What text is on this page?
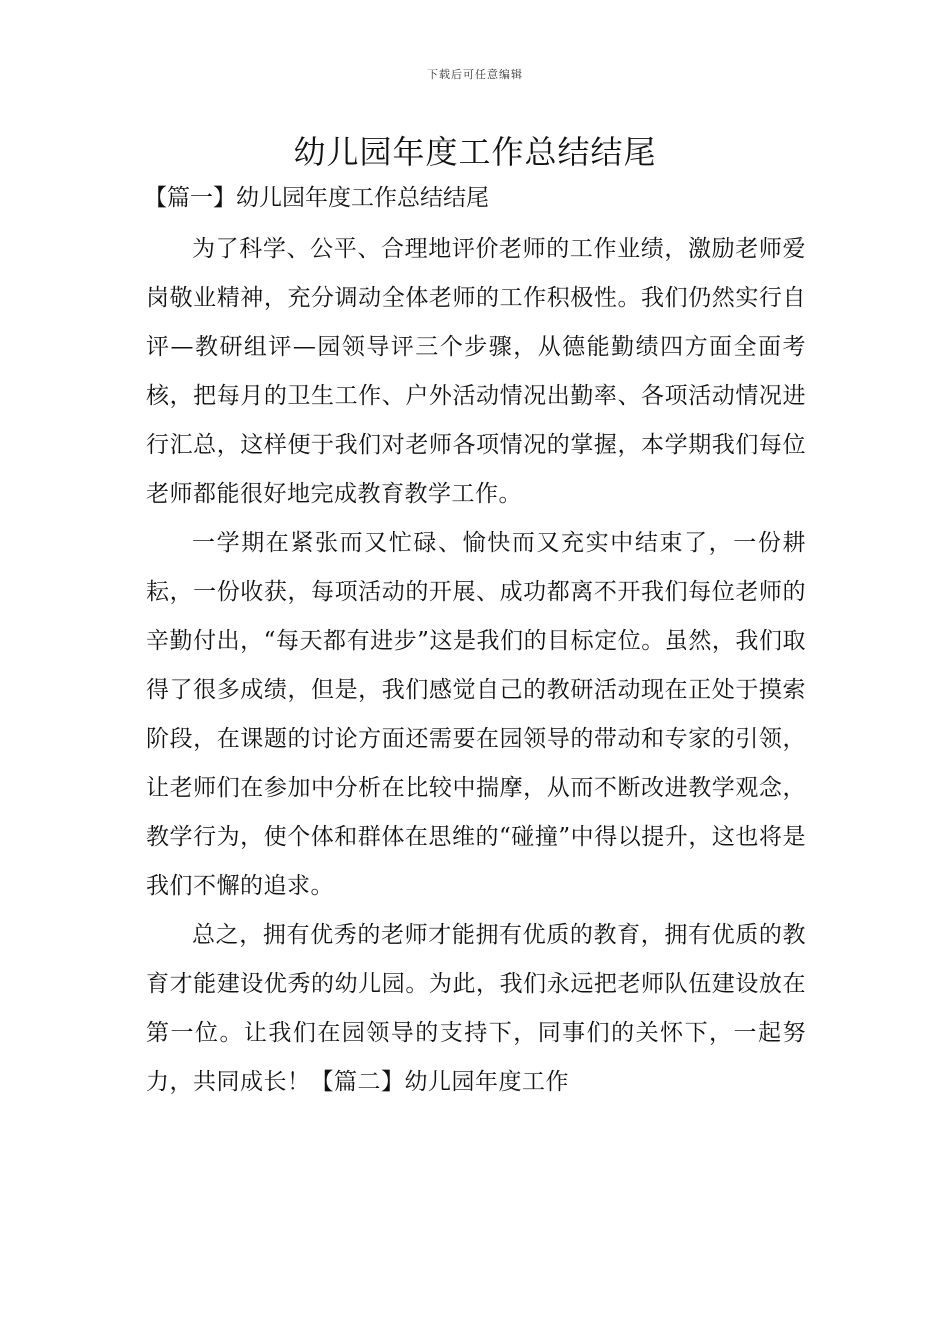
下载后可任意编辑
幼儿园年度工作总结结尾
【篇一】幼儿园年度工作总结结尾

为了科学、公平、合理地评价老师的工作业绩，激励老师爱岗敬业精神，充分调动全体老师的工作积极性。我们仍然实行自评—教研组评—园领导评三个步骤，从德能勤绩四方面全面考核，把每月的卫生工作、户外活动情况出勤率、各项活动情况进行汇总，这样便于我们对老师各项情况的掌握，本学期我们每位老师都能很好地完成教育教学工作。

一学期在紧张而又忙碌、愉快而又充实中结束了，一份耕耘，一份收获，每项活动的开展、成功都离不开我们每位老师的辛勤付出，“每天都有进步”这是我们的目标定位。虽然，我们取得了很多成绩，但是，我们感觉自己的教研活动现在正处于摸索阶段，在课题的讨论方面还需要在园领导的带动和专家的引领，让老师们在参加中分析在比较中揣摩，从而不断改进教学观念，教学行为，使个体和群体在思维的“碰撞”中得以提升，这也将是我们不懈的追求。

总之，拥有优秀的老师才能拥有优质的教育，拥有优质的教育才能建设优秀的幼儿园。为此，我们永远把老师队伍建设放在第一位。让我们在园领导的支持下，同事们的关怀下，一起努力，共同成长！【篇二】幼儿园年度工作
